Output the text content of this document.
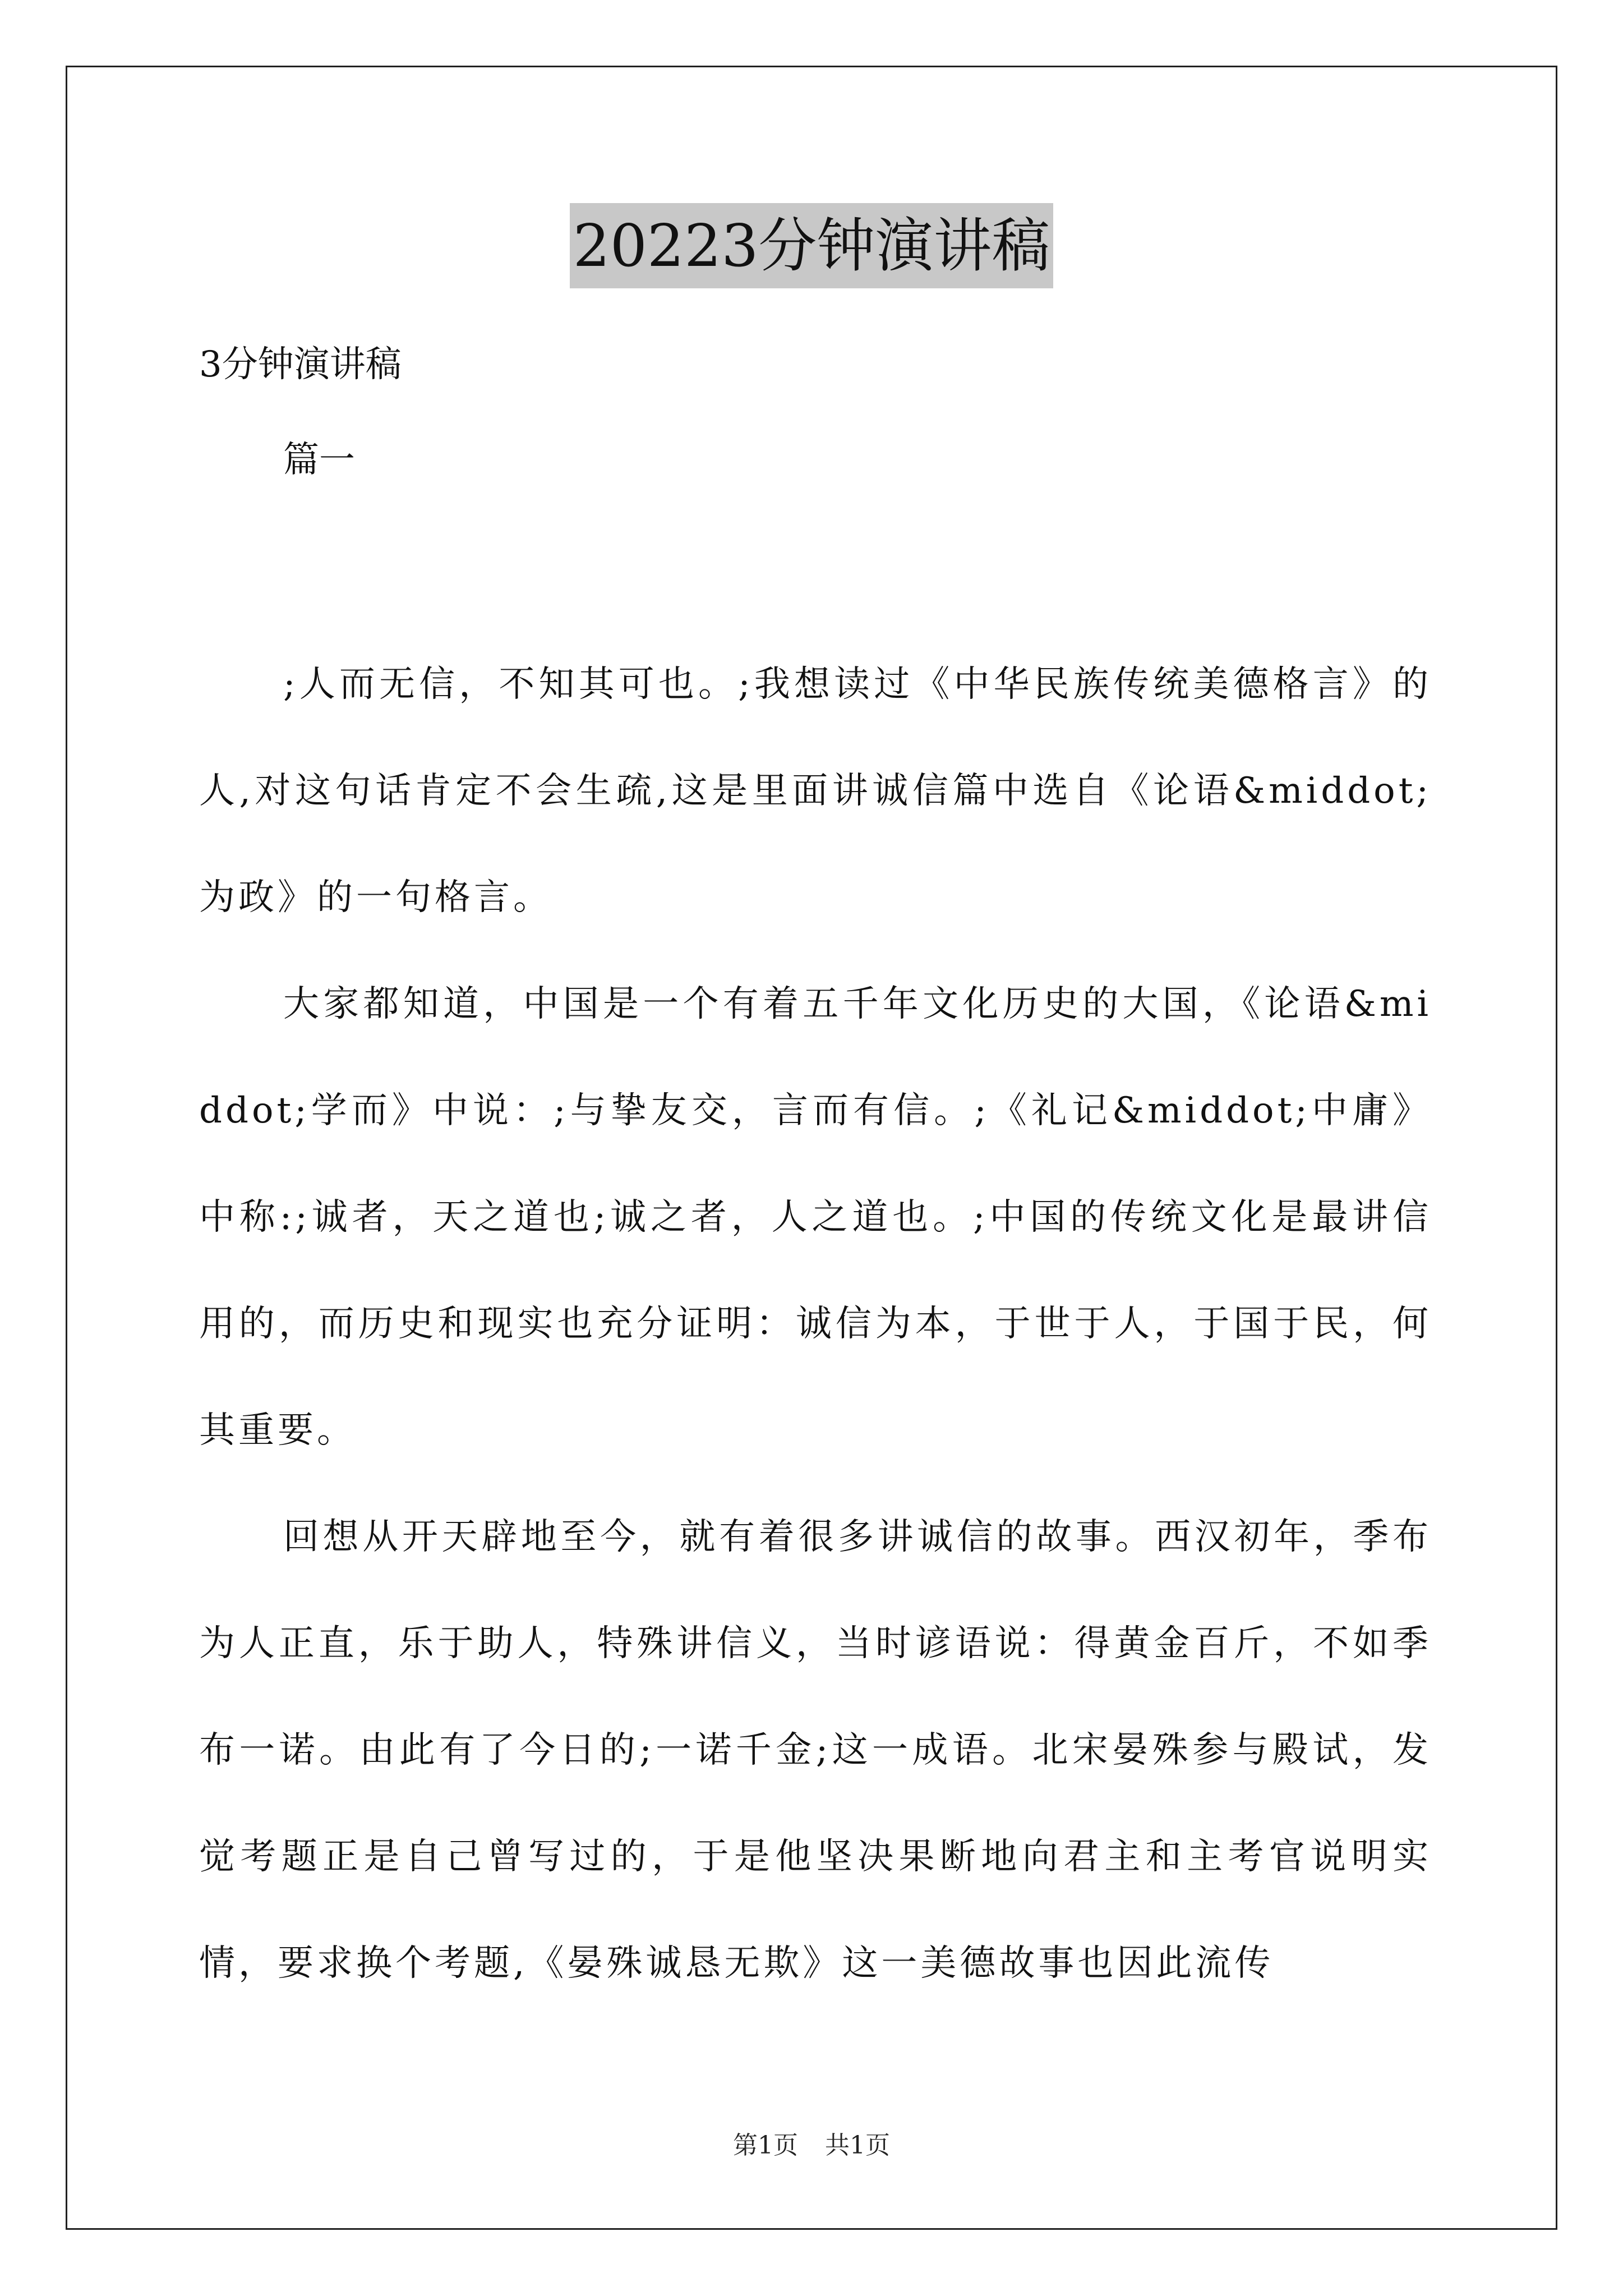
20223分钟演讲稿

3分钟演讲稿

篇一

;人而无信，不知其可也。;我想读过《中华民族传统美德格言》的人,对这句话肯定不会生疏,这是里面讲诚信篇中选自《论语&middot;为政》的一句格言。

大家都知道，中国是一个有着五千年文化历史的大国，《论语&middot;学而》中说：;与挚友交，言而有信。;《礼记&middot;中庸》中称:;诚者，天之道也;诚之者，人之道也。;中国的传统文化是最讲信用的，而历史和现实也充分证明：诚信为本，于世于人，于国于民，何其重要。

回想从开天辟地至今，就有着很多讲诚信的故事。西汉初年，季布为人正直，乐于助人，特殊讲信义，当时谚语说：得黄金百斤，不如季布一诺。由此有了今日的;一诺千金;这一成语。北宋晏殊参与殿试，发觉考题正是自己曾写过的，于是他坚决果断地向君主和主考官说明实情，要求换个考题,《晏殊诚恳无欺》这一美德故事也因此流传

第1页 共1页
